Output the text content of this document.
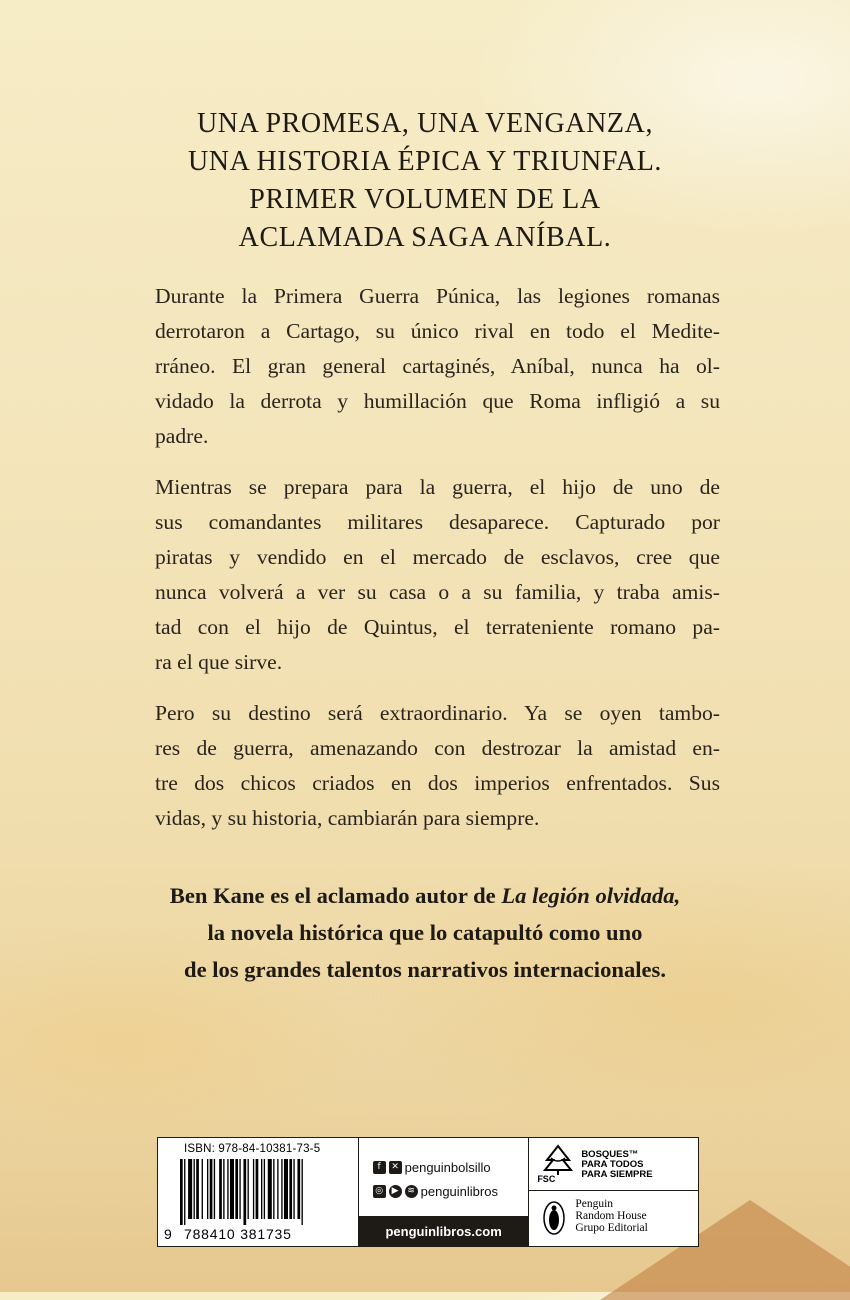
UNA PROMESA, UNA VENGANZA,
UNA HISTORIA ÉPICA Y TRIUNFAL.
PRIMER VOLUMEN DE LA
ACLAMADA SAGA ANÍBAL.

Durante la Primera Guerra Púnica, las legiones romanas
derrotaron a Cartago, su único rival en todo el Medite-
rráneo. El gran general cartaginés, Aníbal, nunca ha ol-
vidado la derrota y humillación que Roma infligió a su
padre.

Mientras se prepara para la guerra, el hijo de uno de
sus comandantes militares desaparece. Capturado por
piratas y vendido en el mercado de esclavos, cree que
nunca volverá a ver su casa o a su familia, y traba amis-
tad con el hijo de Quintus, el terrateniente romano pa-
ra el que sirve.

Pero su destino será extraordinario. Ya se oyen tambo-
res de guerra, amenazando con destrozar la amistad en-
tre dos chicos criados en dos imperios enfrentados. Sus
vidas, y su historia, cambiarán para siempre.

Ben Kane es el aclamado autor de La legión olvidada,
la novela histórica que lo catapultó como uno
de los grandes talentos narrativos internacionales.
ISBN: 978-84-10381-73-5
9 788410 381735
f	✕ penguinbolsillo
◎ ▶ ≋ penguinlibros
penguinlibros.com
FSC
BOSQUES™
PARA TODOS
PARA SIEMPRE
Penguin
Random House
Grupo Editorial
